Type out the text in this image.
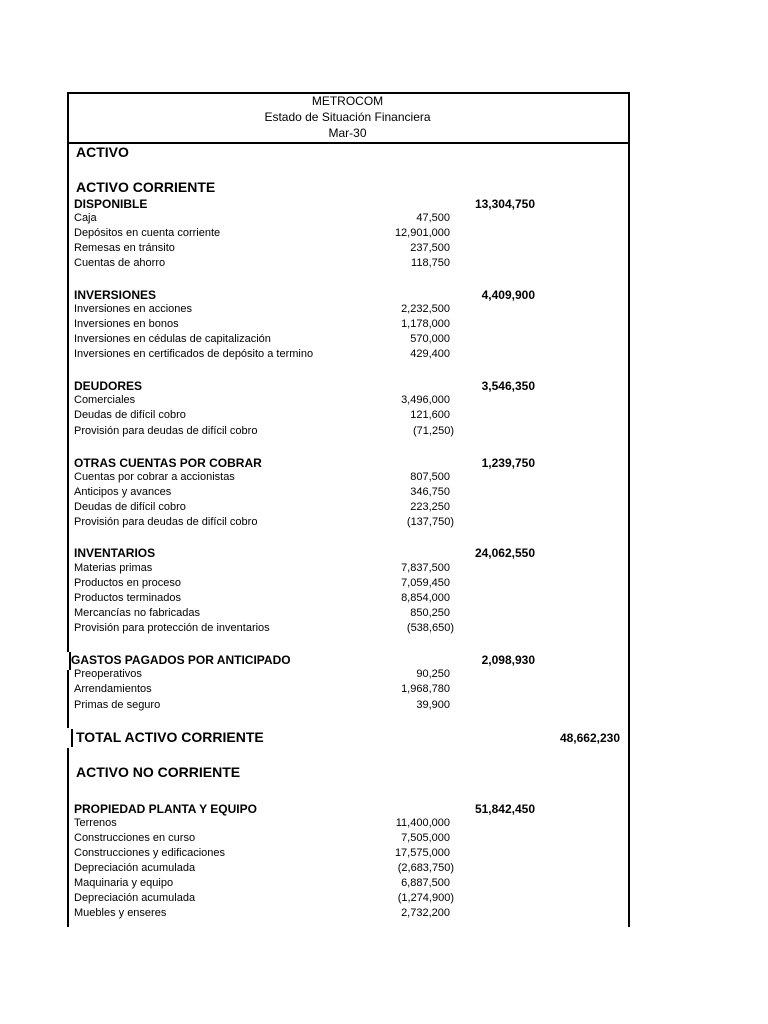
METROCOM
Estado de Situación Financiera
Mar-30
ACTIVO
ACTIVO CORRIENTE
DISPONIBLE	13,304,750
Caja	47,500
Depósitos en cuenta corriente	12,901,000
Remesas en tránsito	237,500
Cuentas de ahorro	118,750
INVERSIONES	4,409,900
Inversiones en acciones	2,232,500
Inversiones en bonos	1,178,000
Inversiones en cédulas de capitalización	570,000
Inversiones en certificados de depósito a termino	429,400
DEUDORES	3,546,350
Comerciales	3,496,000
Deudas de difícil cobro	121,600
Provisión para deudas de difícil cobro	(71,250)
OTRAS CUENTAS POR COBRAR	1,239,750
Cuentas por cobrar a accionistas	807,500
Anticipos y avances	346,750
Deudas de difícil cobro	223,250
Provisión para deudas de difícil cobro	(137,750)
INVENTARIOS	24,062,550
Materias primas	7,837,500
Productos en proceso	7,059,450
Productos terminados	8,854,000
Mercancías no fabricadas	850,250
Provisión para protección de inventarios	(538,650)
GASTOS PAGADOS POR ANTICIPADO	2,098,930
Preoperativos	90,250
Arrendamientos	1,968,780
Primas de seguro	39,900
TOTAL ACTIVO CORRIENTE	48,662,230
ACTIVO NO CORRIENTE
PROPIEDAD PLANTA Y EQUIPO	51,842,450
Terrenos	11,400,000
Construcciones en curso	7,505,000
Construcciones y edificaciones	17,575,000
Depreciación acumulada	(2,683,750)
Maquinaria y equipo	6,887,500
Depreciación acumulada	(1,274,900)
Muebles y enseres	2,732,200
